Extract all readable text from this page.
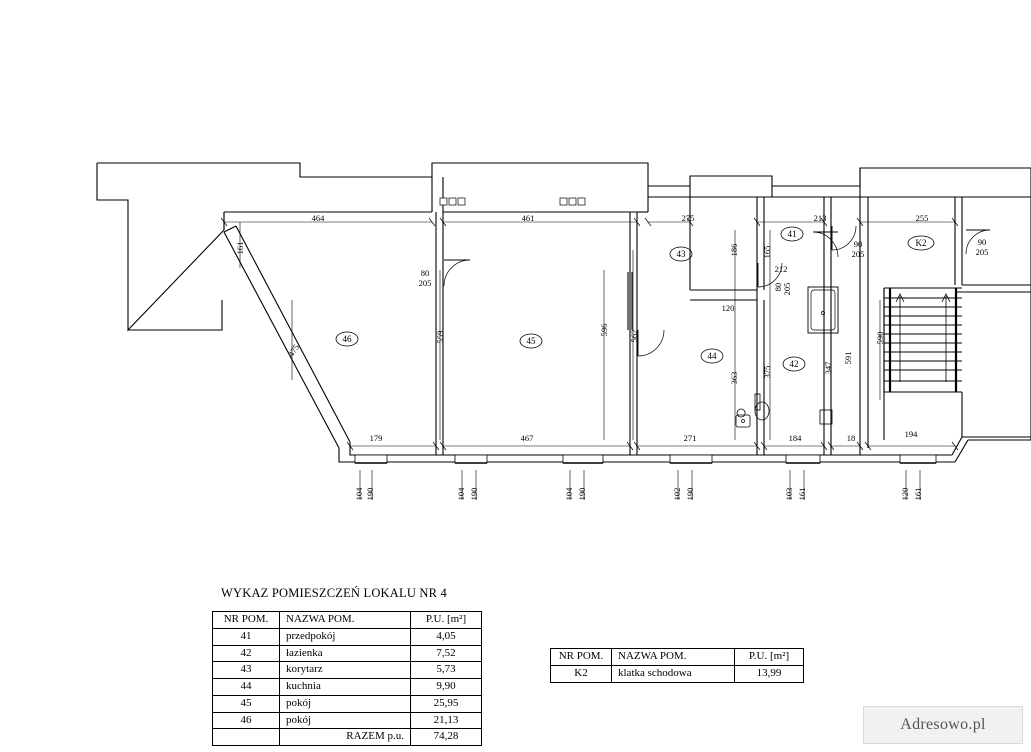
46	45
43
44
42
41
K2
464	461	275	213	255
179	467	271	184	18	194
161
475
559
596 562
186	165
363	375	347
590
591
120
212
80
205	80 205
90
205
90
205
104 190	104 190	104 190	102 190	103 161	120 161
WYKAZ POMIESZCZEŃ LOKALU NR 4
NR POM.	NAZWA POM.	P.U. [m²]
41	przedpokój	4,05
42	łazienka	7,52
43	korytarz	5,73
44	kuchnia	9,90
45	pokój	25,95
46	pokój	21,13
	RAZEM p.u.	74,28
NR POM.	NAZWA POM.	P.U. [m²]
K2	klatka schodowa	13,99
Adresowo.pl
